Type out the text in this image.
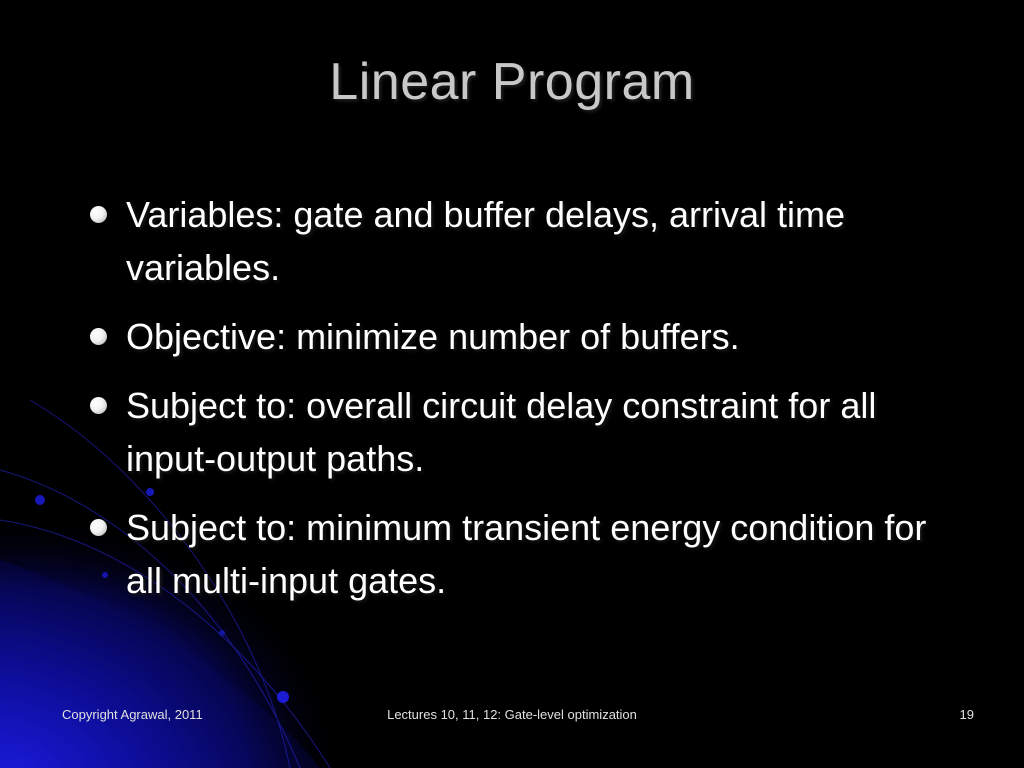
Linear Program
Variables: gate and buffer delays, arrival time variables.
Objective: minimize number of buffers.
Subject to: overall circuit delay constraint for all input-output paths.
Subject to: minimum transient energy condition for all multi-input gates.
Copyright Agrawal, 2011	Lectures 10, 11, 12: Gate-level optimization	19
